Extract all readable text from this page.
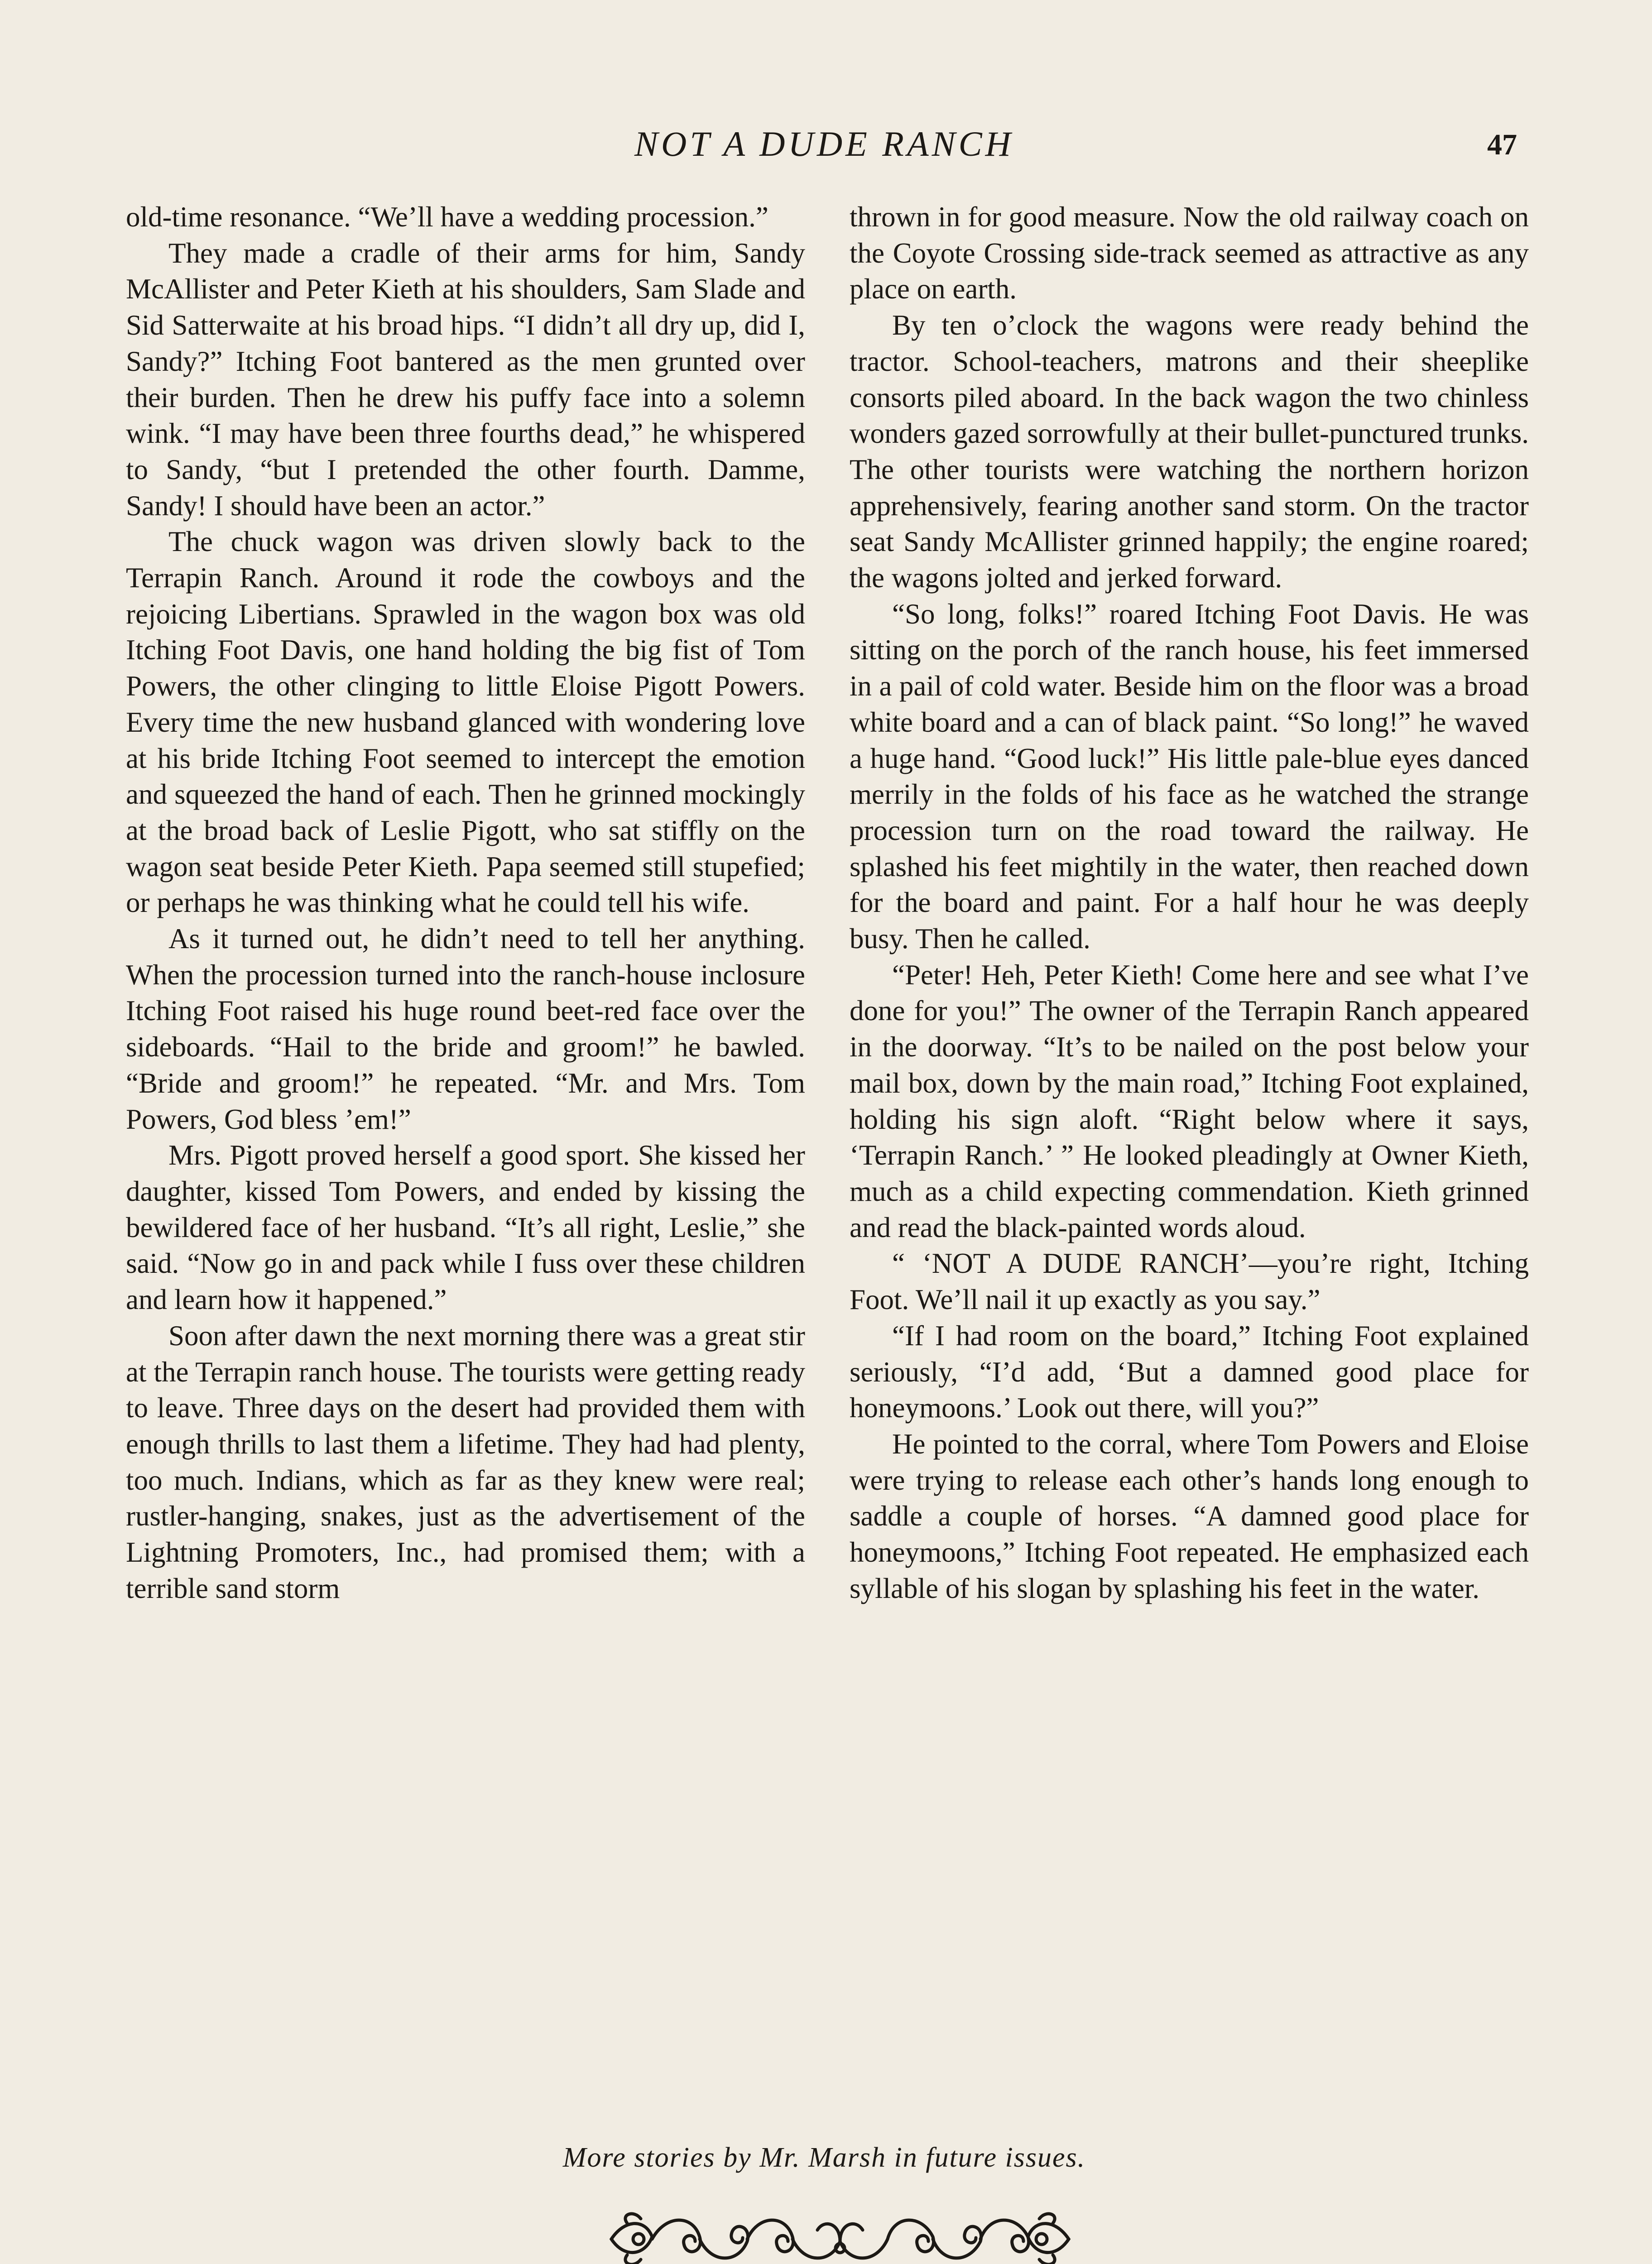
NOT A DUDE RANCH	47

old-time resonance. “We’ll have a wedding procession.”

They made a cradle of their arms for him, Sandy McAllister and Peter Kieth at his shoulders, Sam Slade and Sid Satterwaite at his broad hips. “I didn’t all dry up, did I, Sandy?” Itching Foot bantered as the men grunted over their burden. Then he drew his puffy face into a solemn wink. “I may have been three fourths dead,” he whispered to Sandy, “but I pretended the other fourth. Damme, Sandy! I should have been an actor.”

The chuck wagon was driven slowly back to the Terrapin Ranch. Around it rode the cowboys and the rejoicing Libertians. Sprawled in the wagon box was old Itching Foot Davis, one hand holding the big fist of Tom Powers, the other clinging to little Eloise Pigott Powers. Every time the new husband glanced with wondering love at his bride Itching Foot seemed to intercept the emotion and squeezed the hand of each. Then he grinned mockingly at the broad back of Leslie Pigott, who sat stiffly on the wagon seat beside Peter Kieth. Papa seemed still stupefied; or perhaps he was thinking what he could tell his wife.

As it turned out, he didn’t need to tell her anything. When the procession turned into the ranch-house inclosure Itching Foot raised his huge round beet-red face over the sideboards. “Hail to the bride and groom!” he bawled. “Bride and groom!” he repeated. “Mr. and Mrs. Tom Powers, God bless ’em!”

Mrs. Pigott proved herself a good sport. She kissed her daughter, kissed Tom Powers, and ended by kissing the bewildered face of her husband. “It’s all right, Leslie,” she said. “Now go in and pack while I fuss over these children and learn how it happened.”

Soon after dawn the next morning there was a great stir at the Terrapin ranch house. The tourists were getting ready to leave. Three days on the desert had provided them with enough thrills to last them a lifetime. They had had plenty, too much. Indians, which as far as they knew were real; rustler-hanging, snakes, just as the advertisement of the Lightning Promoters, Inc., had promised them; with a terrible sand storm

thrown in for good measure. Now the old railway coach on the Coyote Crossing side-track seemed as attractive as any place on earth.

By ten o’clock the wagons were ready behind the tractor. School-teachers, matrons and their sheeplike consorts piled aboard. In the back wagon the two chinless wonders gazed sorrowfully at their bullet-punctured trunks. The other tourists were watching the northern horizon apprehensively, fearing another sand storm. On the tractor seat Sandy McAllister grinned happily; the engine roared; the wagons jolted and jerked forward.

“So long, folks!” roared Itching Foot Davis. He was sitting on the porch of the ranch house, his feet immersed in a pail of cold water. Beside him on the floor was a broad white board and a can of black paint. “So long!” he waved a huge hand. “Good luck!” His little pale-blue eyes danced merrily in the folds of his face as he watched the strange procession turn on the road toward the railway. He splashed his feet mightily in the water, then reached down for the board and paint. For a half hour he was deeply busy. Then he called.

“Peter! Heh, Peter Kieth! Come here and see what I’ve done for you!” The owner of the Terrapin Ranch appeared in the doorway. “It’s to be nailed on the post below your mail box, down by the main road,” Itching Foot explained, holding his sign aloft. “Right below where it says, ‘Terrapin Ranch.’ ” He looked pleadingly at Owner Kieth, much as a child expecting commendation. Kieth grinned and read the black-painted words aloud.

“ ‘NOT A DUDE RANCH’—you’re right, Itching Foot. We’ll nail it up exactly as you say.”

“If I had room on the board,” Itching Foot explained seriously, “I’d add, ‘But a damned good place for honeymoons.’ Look out there, will you?”

He pointed to the corral, where Tom Powers and Eloise were trying to release each other’s hands long enough to saddle a couple of horses. “A damned good place for honeymoons,” Itching Foot repeated. He emphasized each syllable of his slogan by splashing his feet in the water.

More stories by Mr. Marsh in future issues.
